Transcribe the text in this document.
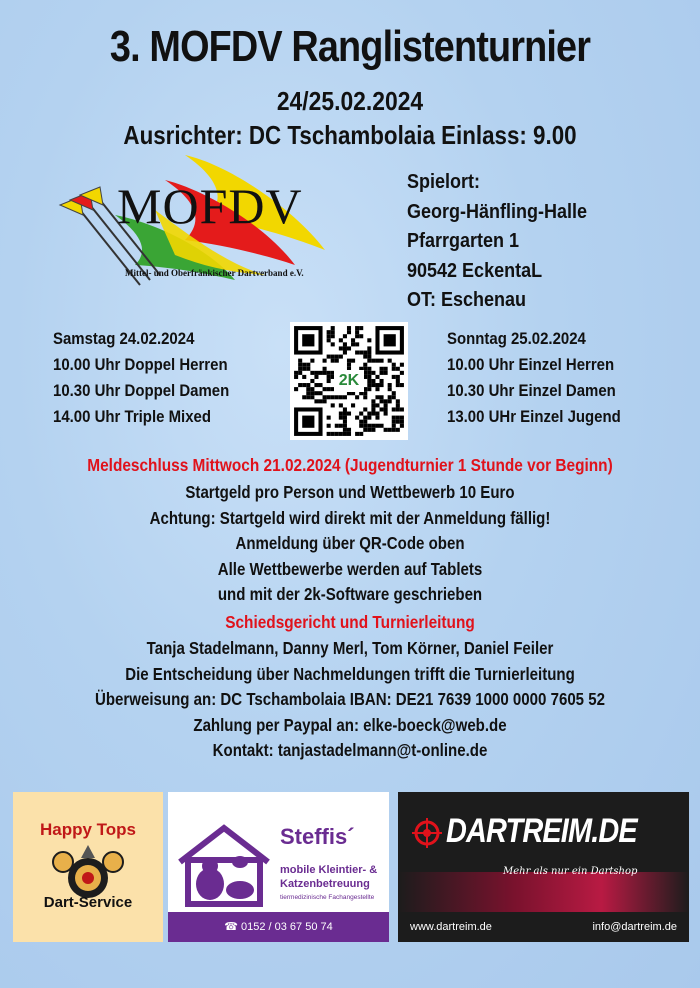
3. MOFDV Ranglistenturnier
24/25.02.2024
Ausrichter: DC Tschambolaia Einlass: 9.00
MOFDV
Mittel- und Oberfränkischer Dartverband e.V.
Spielort:
Georg-Hänfling-Halle
Pfarrgarten 1
90542 EckentaL
OT: Eschenau
Samstag 24.02.2024
10.00 Uhr Doppel Herren
10.30 Uhr Doppel Damen
14.00 Uhr Triple Mixed
Sonntag 25.02.2024
10.00 Uhr Einzel Herren
10.30 Uhr Einzel Damen
13.00 UHr Einzel Jugend
2K
Meldeschluss Mittwoch 21.02.2024 (Jugendturnier 1 Stunde vor Beginn)
Startgeld pro Person und Wettbewerb 10 Euro
Achtung: Startgeld wird direkt mit der Anmeldung fällig!
Anmeldung über QR-Code oben
Alle Wettbewerbe werden auf Tablets
und mit der 2k-Software geschrieben
Schiedsgericht und Turnierleitung
Tanja Stadelmann, Danny Merl, Tom Körner, Daniel Feiler
Die Entscheidung über Nachmeldungen trifft die Turnierleitung
Überweisung an: DC Tschambolaia IBAN: DE21 7639 1000 0000 7605 52
Zahlung per Paypal an: elke-boeck@web.de
Kontakt: tanjastadelmann@t-online.de
Happy Tops
Dart-Service
Steffis´
mobile Kleintier- &
Katzenbetreuung
tiermedizinische Fachangestellte
☎ 0152 / 03 67 50 74
DARTREIM.DE
Mehr als nur ein Dartshop
www.dartreim.de	info@dartreim.de
